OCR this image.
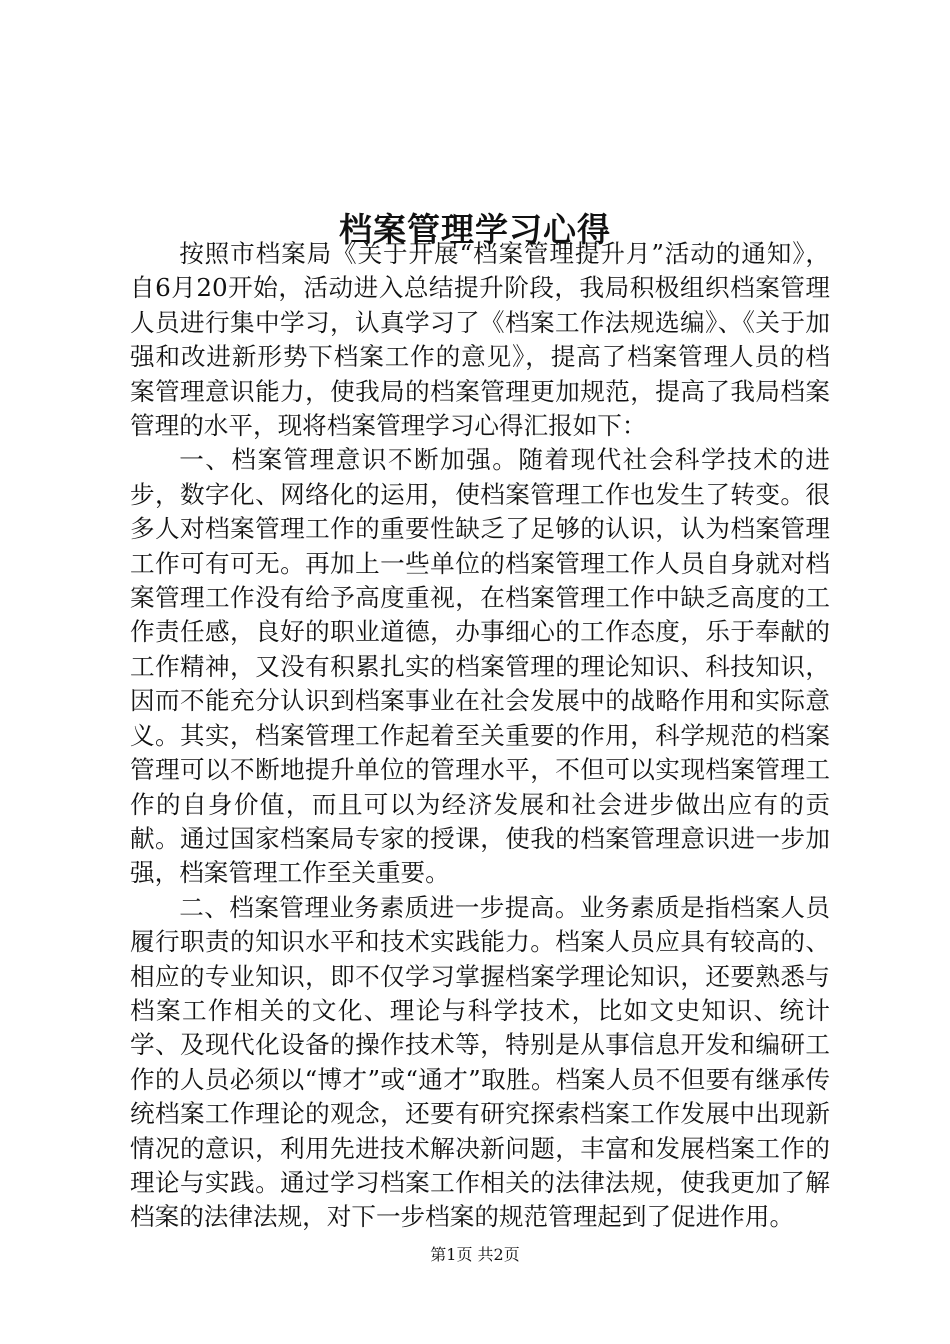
档案管理学习心得

按照市档案局《关于开展“档案管理提升月”活动的通知》，自6月20开始，活动进入总结提升阶段，我局积极组织档案管理人员进行集中学习，认真学习了《档案工作法规选编》、《关于加强和改进新形势下档案工作的意见》，提高了档案管理人员的档案管理意识能力，使我局的档案管理更加规范，提高了我局档案管理的水平，现将档案管理学习心得汇报如下：

一、档案管理意识不断加强。随着现代社会科学技术的进步，数字化、网络化的运用，使档案管理工作也发生了转变。很多人对档案管理工作的重要性缺乏了足够的认识，认为档案管理工作可有可无。再加上一些单位的档案管理工作人员自身就对档案管理工作没有给予高度重视，在档案管理工作中缺乏高度的工作责任感，良好的职业道德，办事细心的工作态度，乐于奉献的工作精神，又没有积累扎实的档案管理的理论知识、科技知识，因而不能充分认识到档案事业在社会发展中的战略作用和实际意义。其实，档案管理工作起着至关重要的作用，科学规范的档案管理可以不断地提升单位的管理水平，不但可以实现档案管理工作的自身价值，而且可以为经济发展和社会进步做出应有的贡献。通过国家档案局专家的授课，使我的档案管理意识进一步加强，档案管理工作至关重要。

二、档案管理业务素质进一步提高。业务素质是指档案人员履行职责的知识水平和技术实践能力。档案人员应具有较高的、相应的专业知识，即不仅学习掌握档案学理论知识，还要熟悉与档案工作相关的文化、理论与科学技术，比如文史知识、统计学、及现代化设备的操作技术等，特别是从事信息开发和编研工作的人员必须以“博才”或“通才”取胜。档案人员不但要有继承传统档案工作理论的观念，还要有研究探索档案工作发展中出现新情况的意识，利用先进技术解决新问题，丰富和发展档案工作的理论与实践。通过学习档案工作相关的法律法规，使我更加了解档案的法律法规，对下一步档案的规范管理起到了促进作用。

第1页 共2页
